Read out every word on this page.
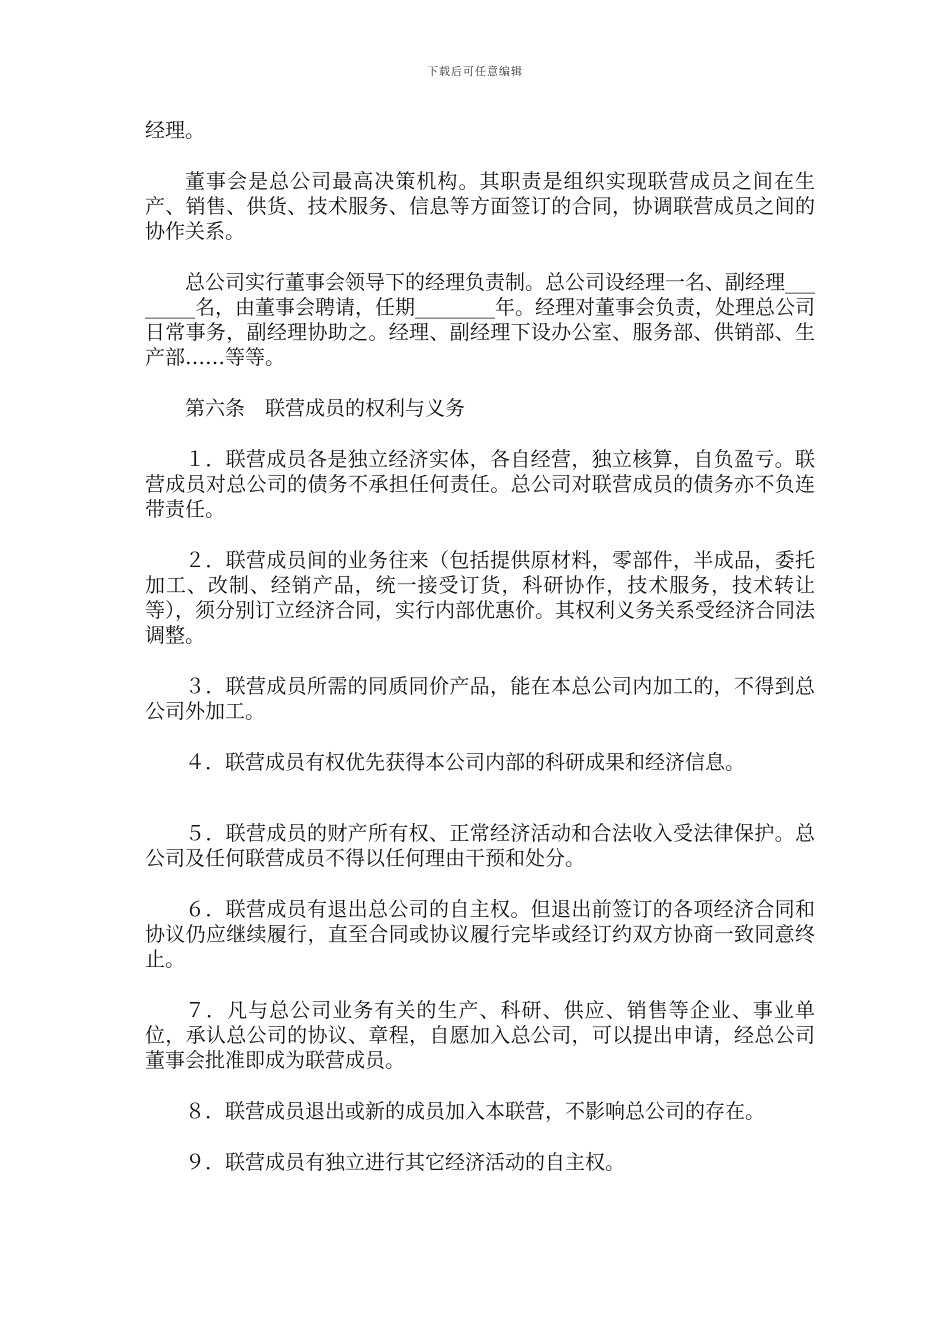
下载后可任意编辑

经理。

董事会是总公司最高决策机构。其职责是组织实现联营成员之间在生产、销售、供货、技术服务、信息等方面签订的合同，协调联营成员之间的协作关系。

总公司实行董事会领导下的经理负责制。总公司设经理一名、副经理________名，由董事会聘请，任期________年。经理对董事会负责，处理总公司日常事务，副经理协助之。经理、副经理下设办公室、服务部、供销部、生产部……等等。

第六条　联营成员的权利与义务

１．联营成员各是独立经济实体，各自经营，独立核算，自负盈亏。联营成员对总公司的债务不承担任何责任。总公司对联营成员的债务亦不负连带责任。

２．联营成员间的业务往来（包括提供原材料，零部件，半成品，委托加工、改制、经销产品，统一接受订货，科研协作，技术服务，技术转让等），须分别订立经济合同，实行内部优惠价。其权利义务关系受经济合同法调整。

３．联营成员所需的同质同价产品，能在本总公司内加工的，不得到总公司外加工。

４．联营成员有权优先获得本公司内部的科研成果和经济信息。

５．联营成员的财产所有权、正常经济活动和合法收入受法律保护。总公司及任何联营成员不得以任何理由干预和处分。

６．联营成员有退出总公司的自主权。但退出前签订的各项经济合同和协议仍应继续履行，直至合同或协议履行完毕或经订约双方协商一致同意终止。

７．凡与总公司业务有关的生产、科研、供应、销售等企业、事业单位，承认总公司的协议、章程，自愿加入总公司，可以提出申请，经总公司董事会批准即成为联营成员。

８．联营成员退出或新的成员加入本联营，不影响总公司的存在。

９．联营成员有独立进行其它经济活动的自主权。
